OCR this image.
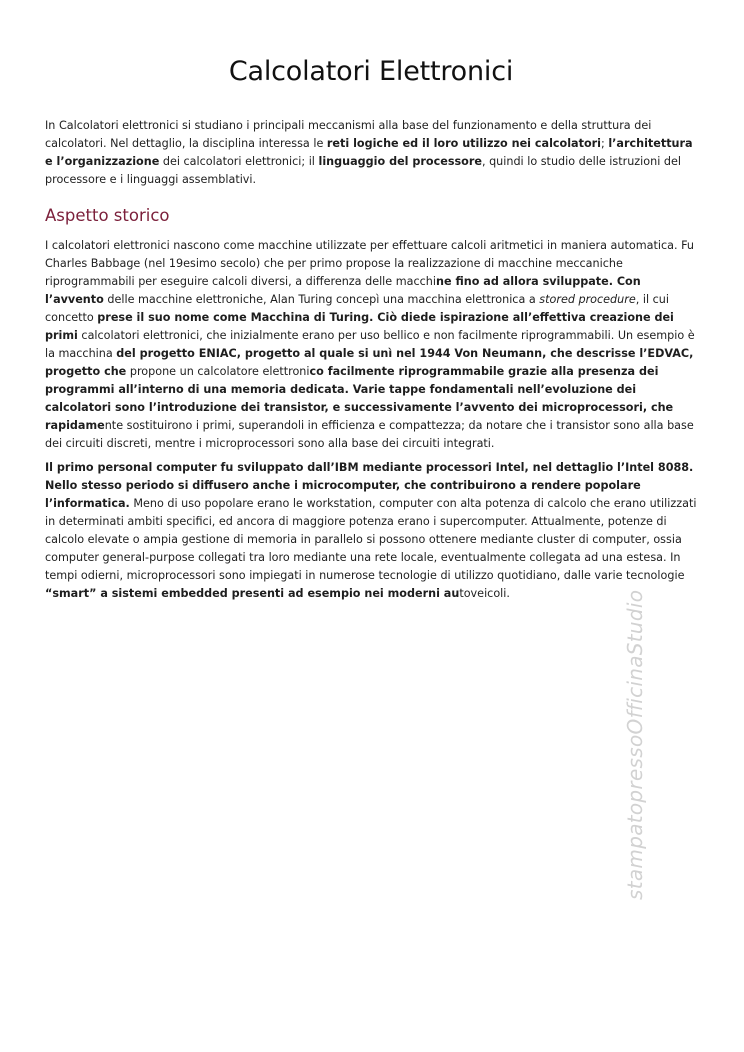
Calcolatori Elettronici

In Calcolatori elettronici si studiano i principali meccanismi alla base del funzionamento e della struttura dei calcolatori. Nel dettaglio, la disciplina interessa le reti logiche ed il loro utilizzo nei calcolatori; l’architettura e l’organizzazione dei calcolatori elettronici; il linguaggio del processore, quindi lo studio delle istruzioni del processore e i linguaggi assemblativi.

Aspetto storico

I calcolatori elettronici nascono come macchine utilizzate per effettuare calcoli aritmetici in maniera automatica. Fu Charles Babbage (nel 19esimo secolo) che per primo propose la realizzazione di macchine meccaniche riprogrammabili per eseguire calcoli diversi, a differenza delle macchine fino ad allora sviluppate. Con l’avvento delle macchine elettroniche, Alan Turing concepì una macchina elettronica a stored procedure, il cui concetto prese il suo nome come Macchina di Turing. Ciò diede ispirazione all’effettiva creazione dei primi calcolatori elettronici, che inizialmente erano per uso bellico e non facilmente riprogrammabili. Un esempio è la macchina del progetto ENIAC, progetto al quale si unì nel 1944 Von Neumann, che descrisse l’EDVAC, progetto che propone un calcolatore elettronico facilmente riprogrammabile grazie alla presenza dei programmi all’interno di una memoria dedicata. Varie tappe fondamentali nell’evoluzione dei calcolatori sono l’introduzione dei transistor, e successivamente l’avvento dei microprocessori, che rapidamente sostituirono i primi, superandoli in efficienza e compattezza; da notare che i transistor sono alla base dei circuiti discreti, mentre i microprocessori sono alla base dei circuiti integrati.

Il primo personal computer fu sviluppato dall’IBM mediante processori Intel, nel dettaglio l’Intel 8088. Nello stesso periodo si diffusero anche i microcomputer, che contribuirono a rendere popolare l’informatica. Meno di uso popolare erano le workstation, computer con alta potenza di calcolo che erano utilizzati in determinati ambiti specifici, ed ancora di maggiore potenza erano i supercomputer. Attualmente, potenze di calcolo elevate o ampia gestione di memoria in parallelo si possono ottenere mediante cluster di computer, ossia computer general-purpose collegati tra loro mediante una rete locale, eventualmente collegata ad una estesa. In tempi odierni, microprocessori sono impiegati in numerose tecnologie di utilizzo quotidiano, dalle varie tecnologie “smart” a sistemi embedded presenti ad esempio nei moderni autoveicoli.	stampatopressoOfficinaStudio
